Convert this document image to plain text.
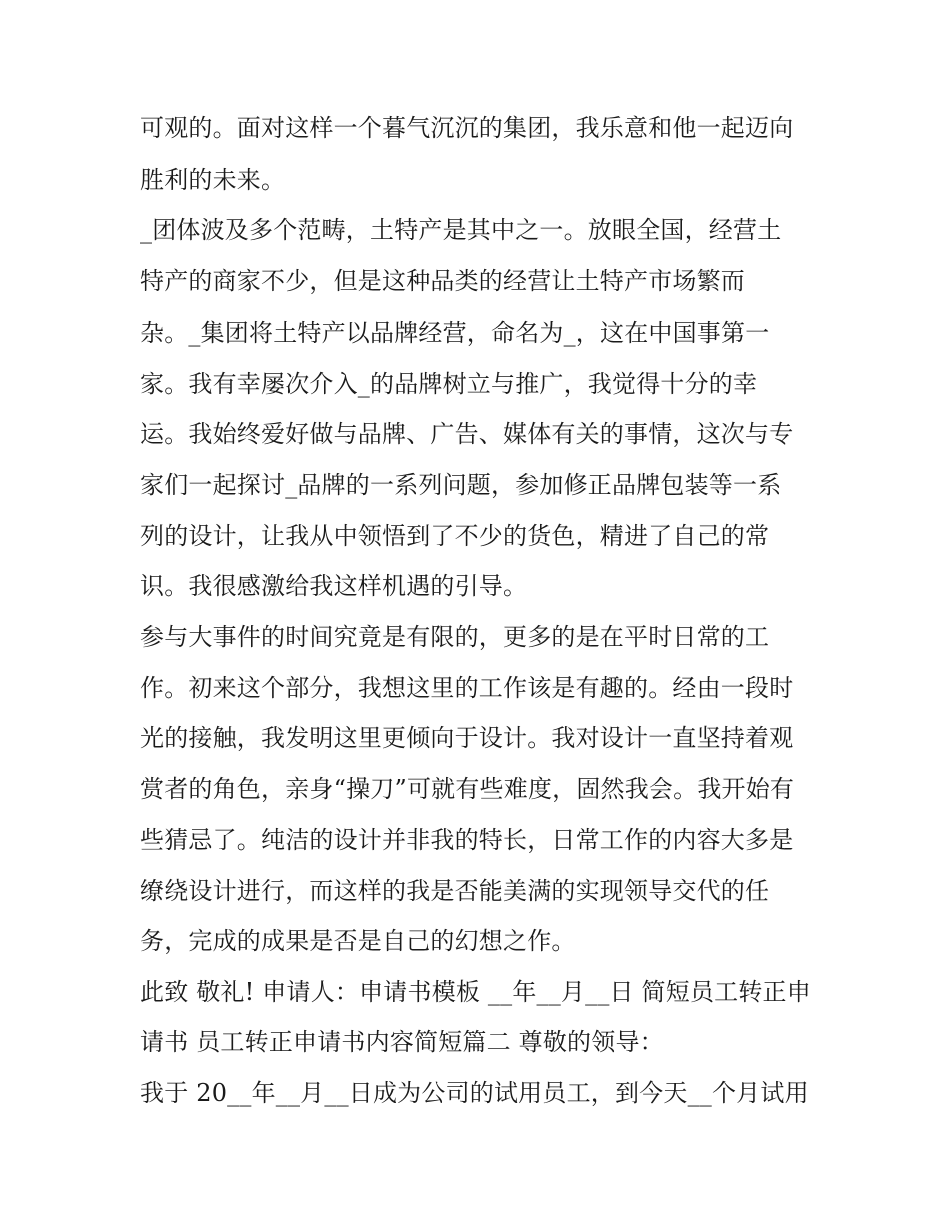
可观的。面对这样一个暮气沉沉的集团，我乐意和他一起迈向
胜利的未来。
_团体波及多个范畴，土特产是其中之一。放眼全国，经营土
特产的商家不少，但是这种品类的经营让土特产市场繁而
杂。_集团将土特产以品牌经营，命名为_，这在中国事第一
家。我有幸屡次介入_的品牌树立与推广，我觉得十分的幸
运。我始终爱好做与品牌、广告、媒体有关的事情，这次与专
家们一起探讨_品牌的一系列问题，参加修正品牌包装等一系
列的设计，让我从中领悟到了不少的货色，精进了自己的常
识。我很感激给我这样机遇的引导。
参与大事件的时间究竟是有限的，更多的是在平时日常的工
作。初来这个部分，我想这里的工作该是有趣的。经由一段时
光的接触，我发明这里更倾向于设计。我对设计一直坚持着观
赏者的角色，亲身“操刀”可就有些难度，固然我会。我开始有
些猜忌了。纯洁的设计并非我的特长，日常工作的内容大多是
缭绕设计进行，而这样的我是否能美满的实现领导交代的任
务，完成的成果是否是自己的幻想之作。
此致 敬礼! 申请人：申请书模板 __年__月__日 简短员工转正申
请书 员工转正申请书内容简短篇二 尊敬的领导：
我于 20__年__月__日成为公司的试用员工，到今天__个月试用
